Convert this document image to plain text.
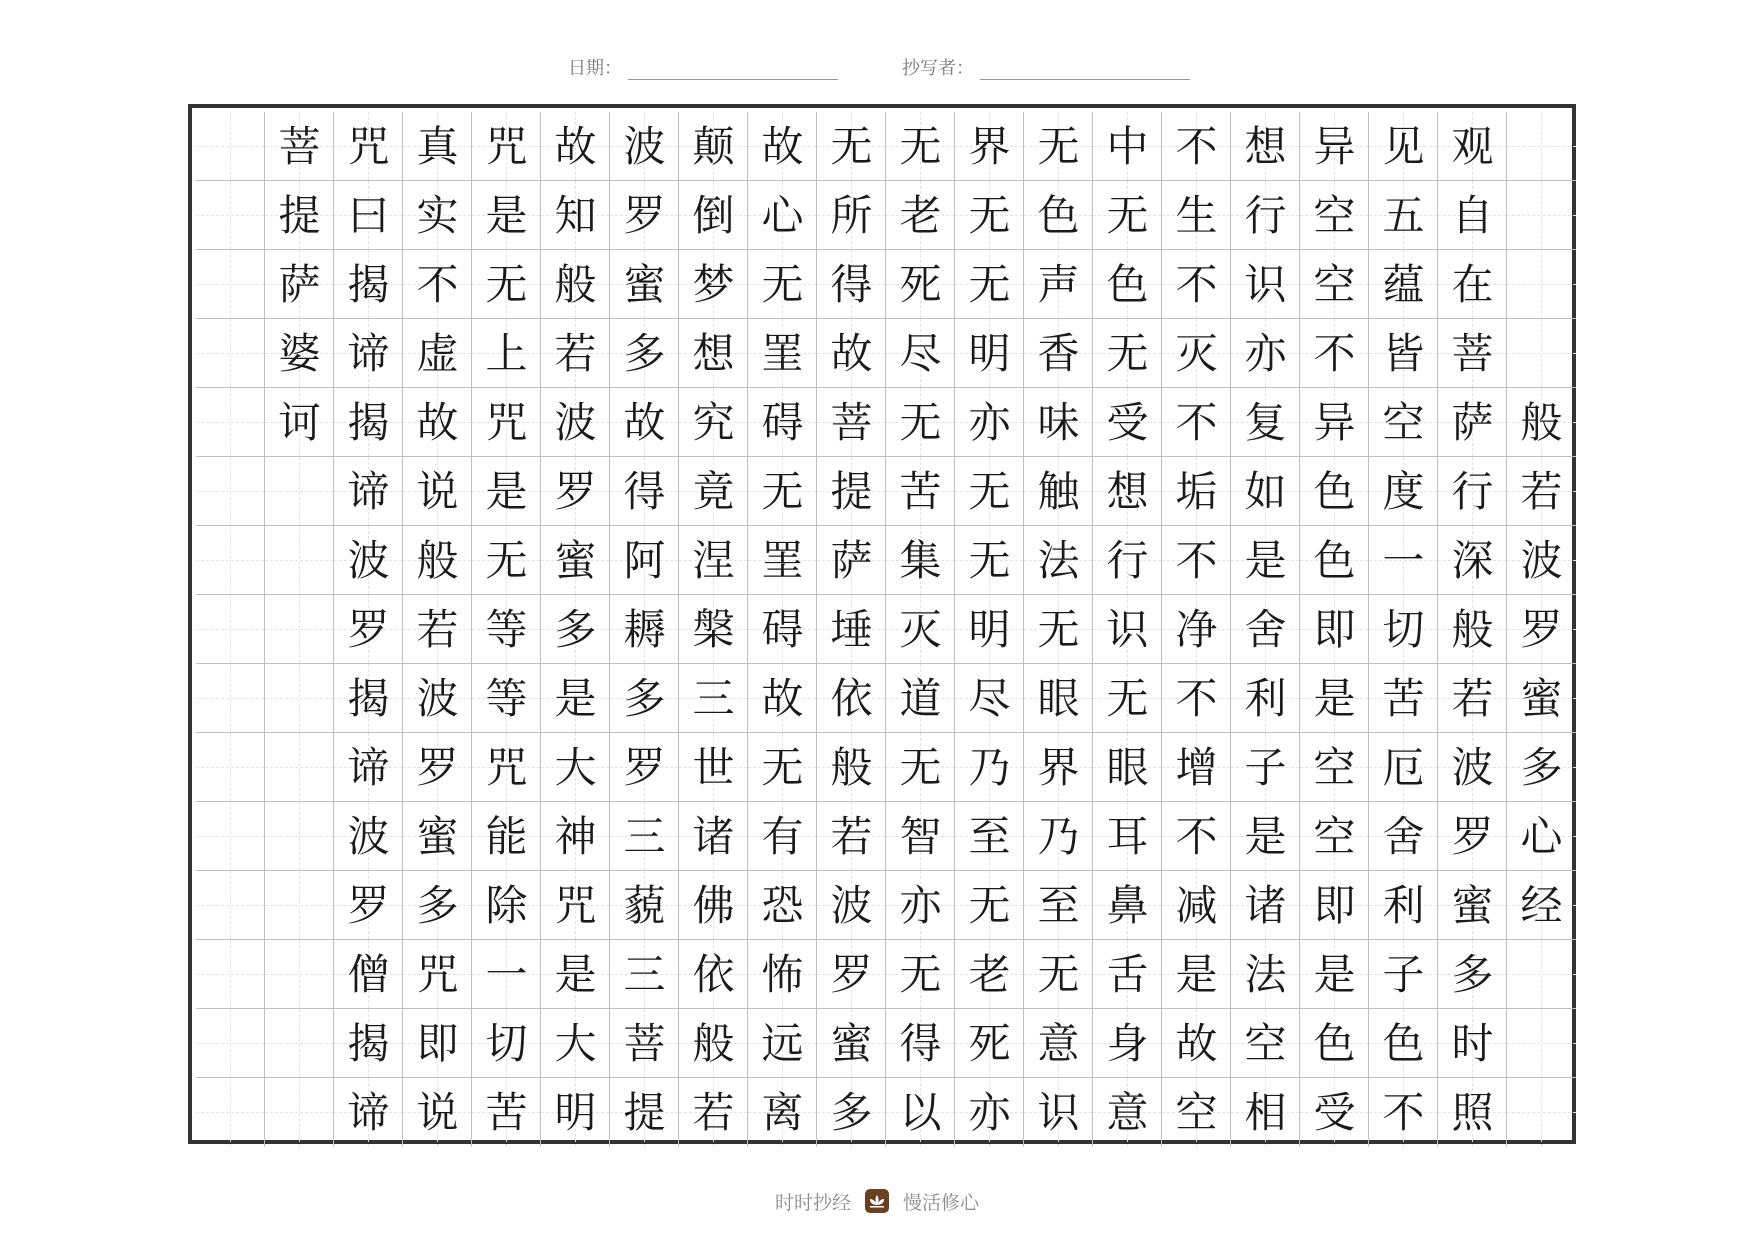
日期：	抄写者：
菩
提
萨
婆
诃
咒
曰
揭
谛
揭
谛
波
罗
揭
谛
波
罗
僧
揭
谛
真
实
不
虚
故
说
般
若
波
罗
蜜
多
咒
即
说
咒
是
无
上
咒
是
无
等
等
咒
能
除
一
切
苦
故
知
般
若
波
罗
蜜
多
是
大
神
咒
是
大
明
波
罗
蜜
多
故
得
阿
耨
多
罗
三
藐
三
菩
提
颠
倒
梦
想
究
竟
涅
槃
三
世
诸
佛
依
般
若
故
心
无
罣
碍
无
罣
碍
故
无
有
恐
怖
远
离
无
所
得
故
菩
提
萨
埵
依
般
若
波
罗
蜜
多
无
老
死
尽
无
苦
集
灭
道
无
智
亦
无
得
以
界
无
无
明
亦
无
无
明
尽
乃
至
无
老
死
亦
无
色
声
香
味
触
法
无
眼
界
乃
至
无
意
识
中
无
色
无
受
想
行
识
无
眼
耳
鼻
舌
身
意
不
生
不
灭
不
垢
不
净
不
增
不
减
是
故
空
想
行
识
亦
复
如
是
舍
利
子
是
诸
法
空
相
异
空
空
不
异
色
色
即
是
空
空
即
是
色
受
见
五
蕴
皆
空
度
一
切
苦
厄
舍
利
子
色
不
观
自
在
菩
萨
行
深
般
若
波
罗
蜜
多
时
照
般
若
波
罗
蜜
多
心
经
时时抄经	慢活修心
